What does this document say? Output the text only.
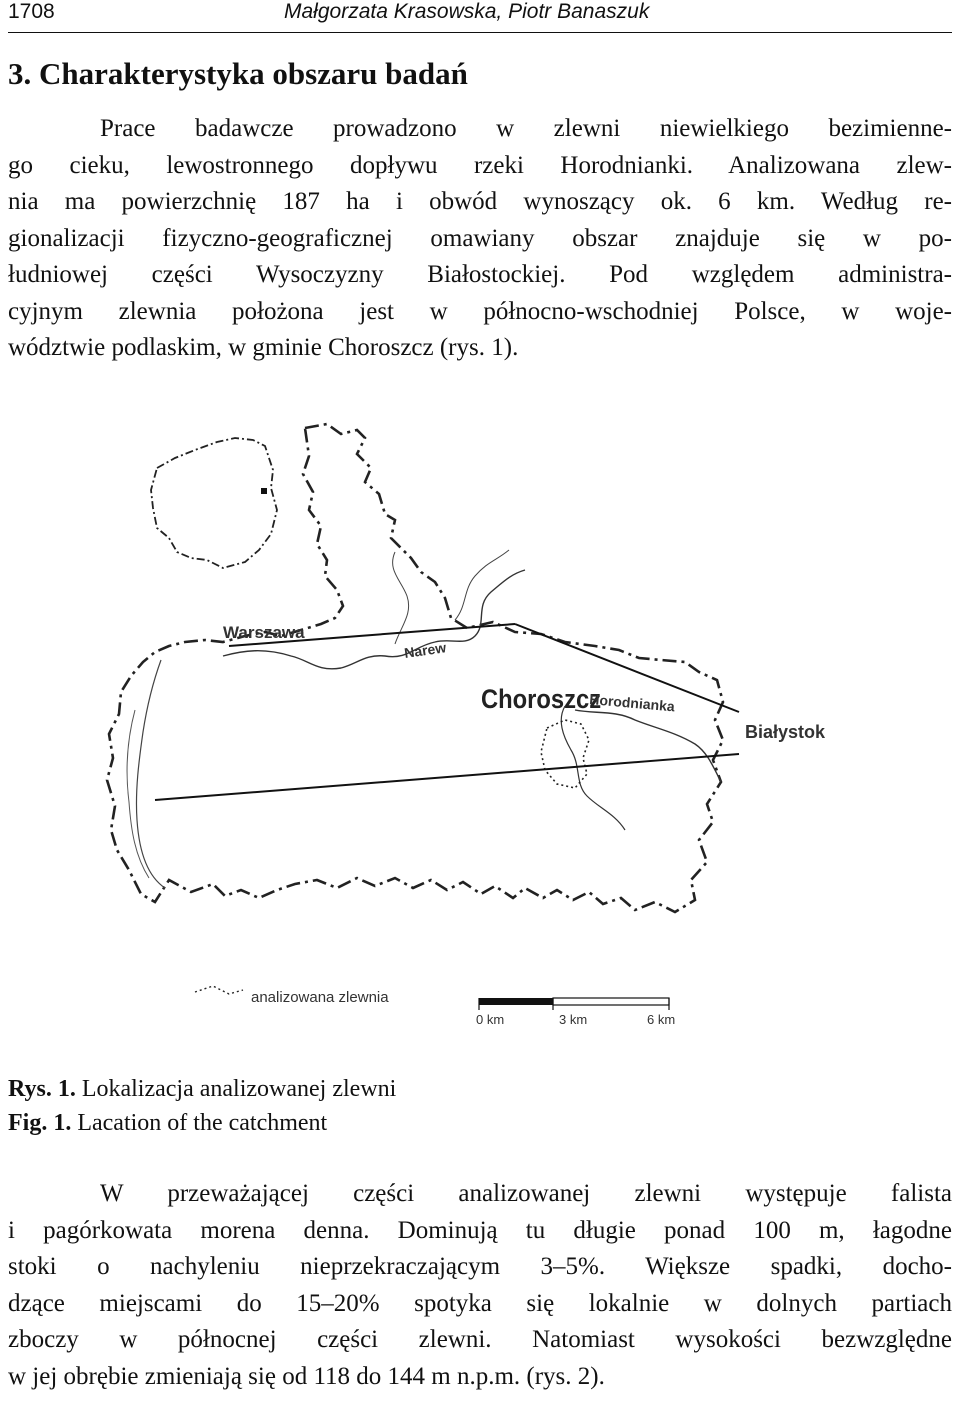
1708	Małgorzata Krasowska, Piotr Banaszuk
3. Charakterystyka obszaru badań
Prace badawcze prowadzono w zlewni niewielkiego bezimienne-
go cieku, lewostronnego dopływu rzeki Horodnianki. Analizowana zlew-
nia ma powierzchnię 187 ha i obwód wynoszący ok. 6 km. Według re-
gionalizacji fizyczno-geograficznej omawiany obszar znajduje się w po-
łudniowej części Wysoczyzny Białostockiej. Pod względem administra-
cyjnym zlewnia położona jest w północno-wschodniej Polsce, w woje-
wództwie podlaskim, w gminie Choroszcz (rys. 1).
Warszawa
Narew
Choroszcz
Horodnianka
Białystok
analizowana zlewnia
0 km	3 km	6 km

Rys. 1. Lokalizacja analizowanej zlewni

Fig. 1. Lacation of the catchment

W przeważającej części analizowanej zlewni występuje falista
i pagórkowata morena denna. Dominują tu długie ponad 100 m, łagodne
stoki o nachyleniu nieprzekraczającym 3–5%. Większe spadki, docho-
dzące miejscami do 15–20% spotyka się lokalnie w dolnych partiach
zboczy w północnej części zlewni. Natomiast wysokości bezwzględne
w jej obrębie zmieniają się od 118 do 144 m n.p.m. (rys. 2).
